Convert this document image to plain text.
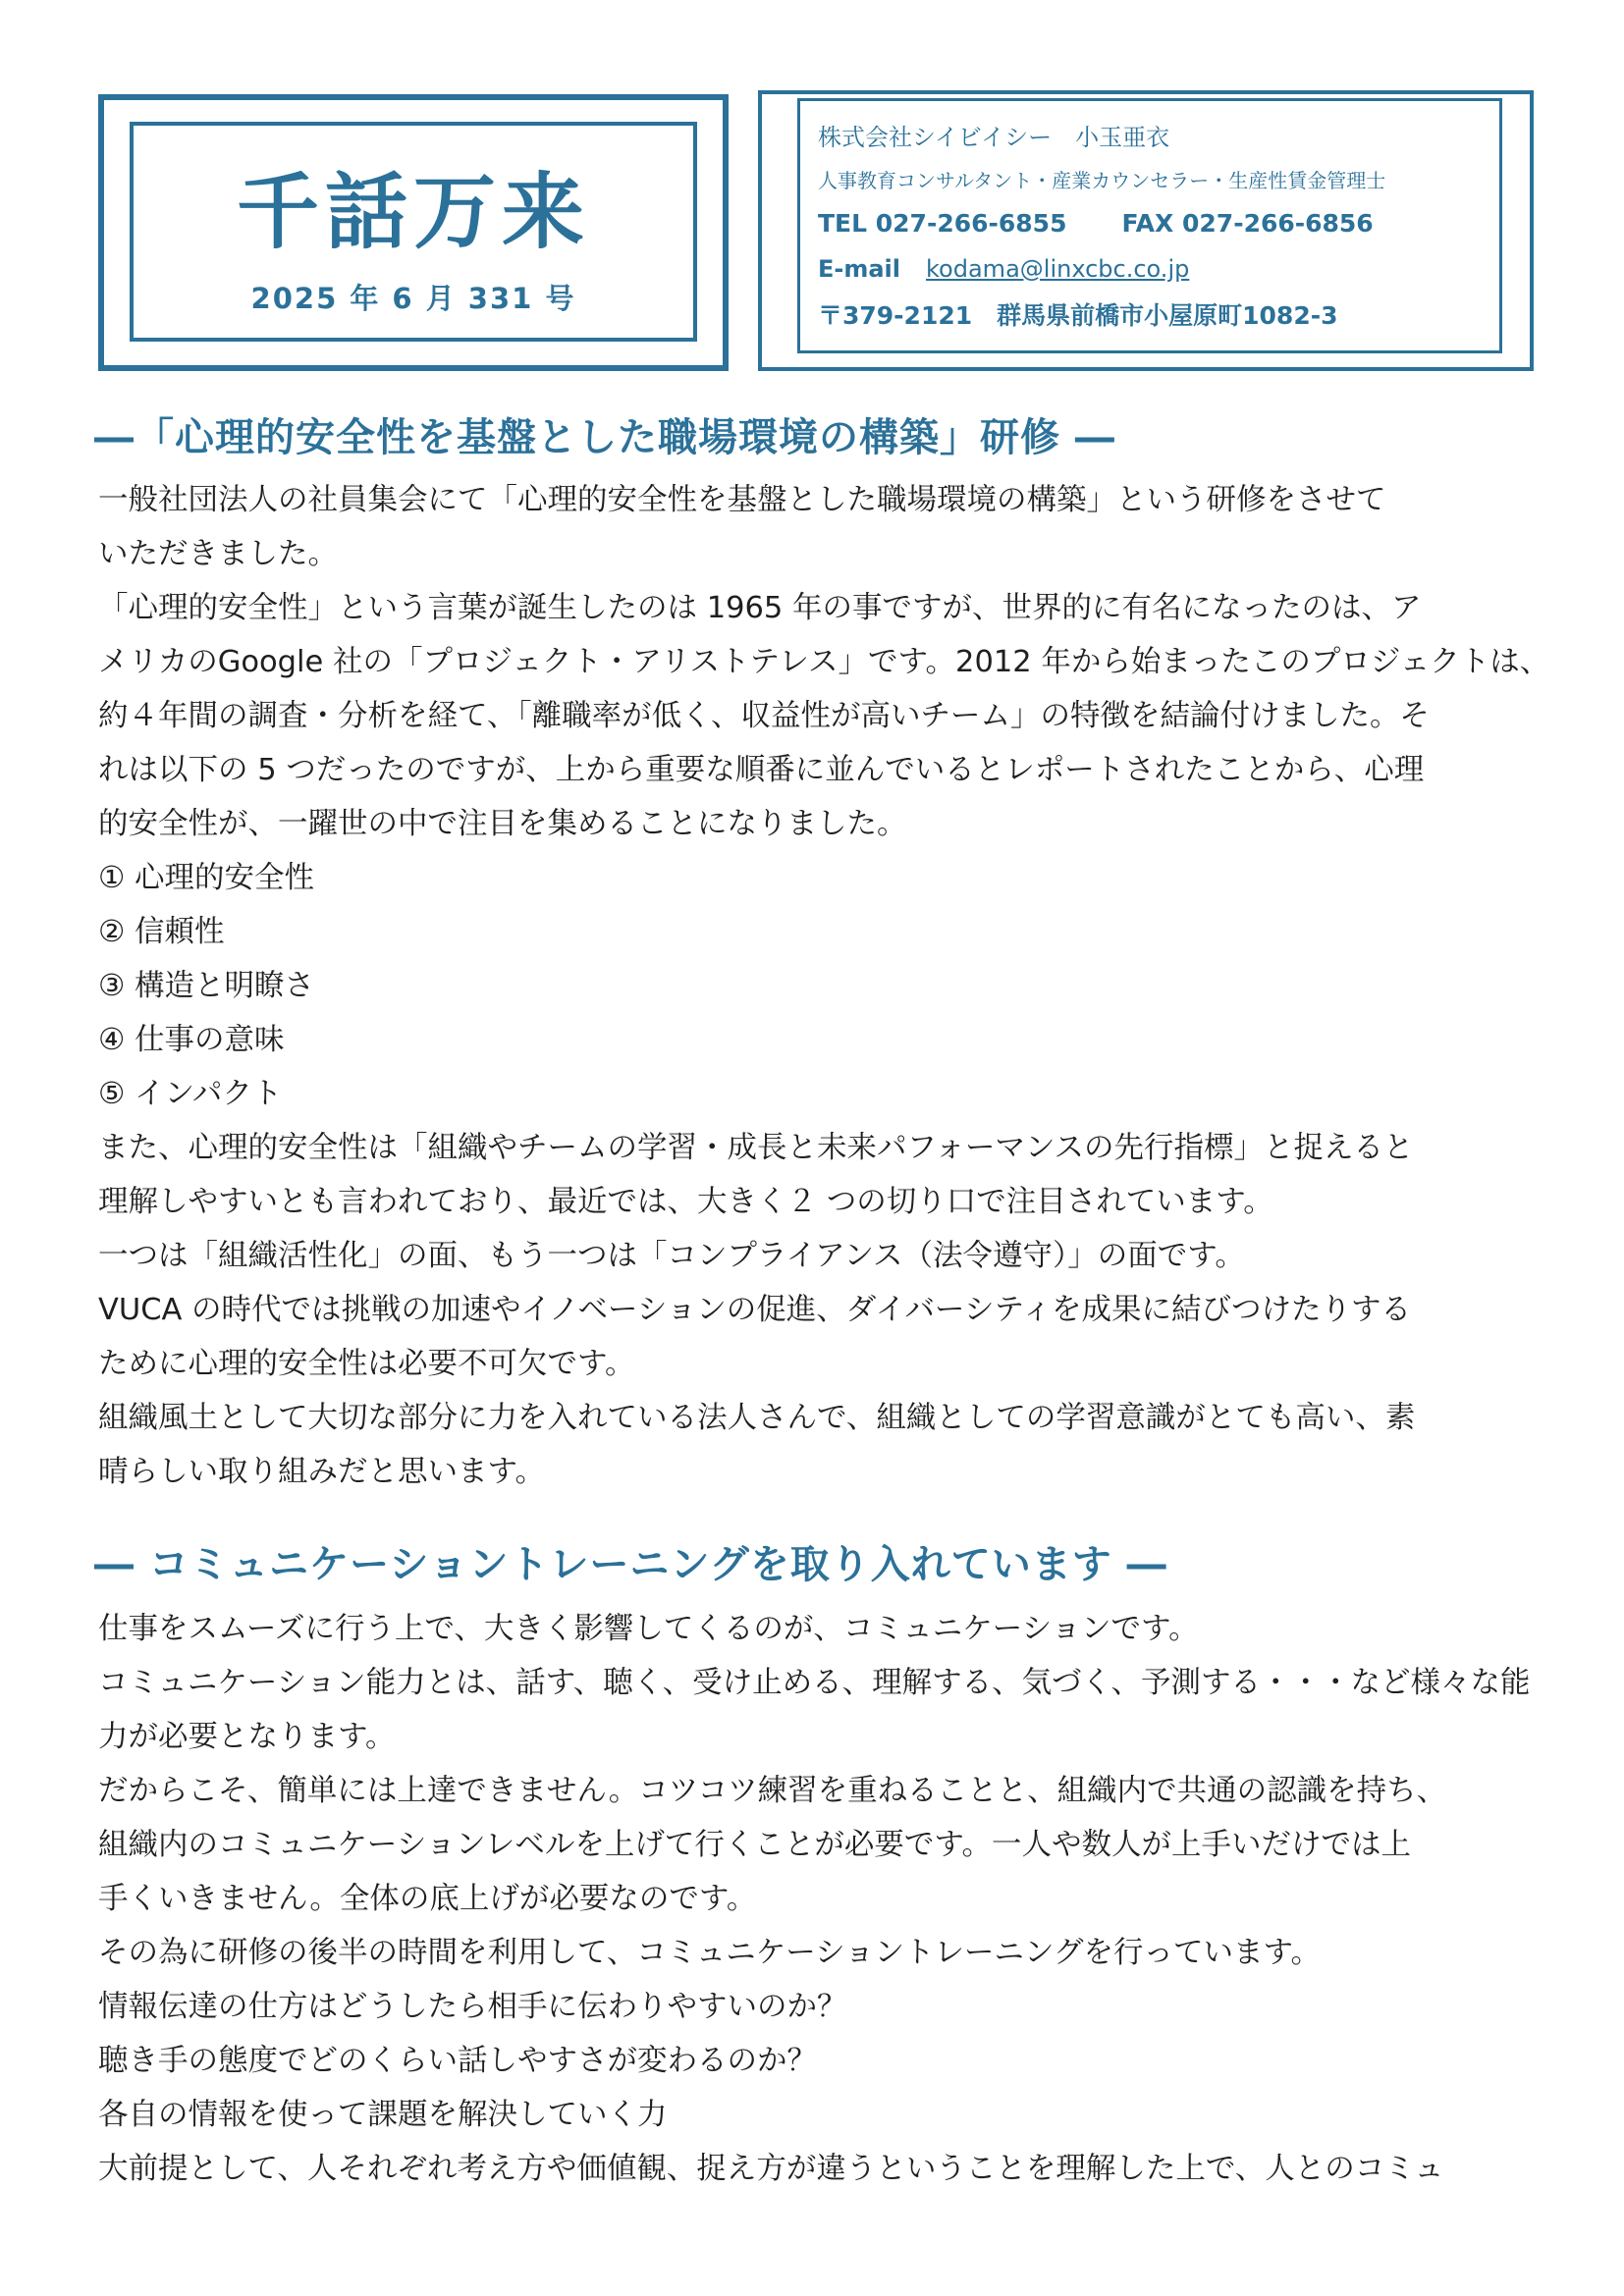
千話万来
2025 年 6 月 331 号
株式会社シイビイシー　小玉亜衣
人事教育コンサルタント・産業カウンセラー・生産性賃金管理士
TEL 027-266-6855 FAX 027-266-6856
E-mail kodama@linxcbc.co.jp
〒379-2121　群馬県前橋市小屋原町1082-3
―「心理的安全性を基盤とした職場環境の構築」研修 ―
一般社団法人の社員集会にて「心理的安全性を基盤とした職場環境の構築」という研修をさせて
いただきました。
「心理的安全性」という言葉が誕生したのは 1965 年の事ですが、世界的に有名になったのは、ア
メリカのGoogle 社の「プロジェクト・アリストテレス」です。2012 年から始まったこのプロジェクトは、
約４年間の調査・分析を経て、「離職率が低く、収益性が高いチーム」の特徴を結論付けました。そ
れは以下の 5 つだったのですが、上から重要な順番に並んでいるとレポートされたことから、心理
的安全性が、一躍世の中で注目を集めることになりました。
① 心理的安全性
② 信頼性
③ 構造と明瞭さ
④ 仕事の意味
⑤ インパクト
また、心理的安全性は「組織やチームの学習・成長と未来パフォーマンスの先行指標」と捉えると
理解しやすいとも言われており、最近では、大きく２ つの切り口で注目されています。
一つは「組織活性化」の面、もう一つは「コンプライアンス（法令遵守）」の面です。
VUCA の時代では挑戦の加速やイノベーションの促進、ダイバーシティを成果に結びつけたりする
ために心理的安全性は必要不可欠です。
組織風土として大切な部分に力を入れている法人さんで、組織としての学習意識がとても高い、素
晴らしい取り組みだと思います。
― コミュニケーショントレーニングを取り入れています ―
仕事をスムーズに行う上で、大きく影響してくるのが、コミュニケーションです。
コミュニケーション能力とは、話す、聴く、受け止める、理解する、気づく、予測する・・・など様々な能
力が必要となります。
だからこそ、簡単には上達できません。コツコツ練習を重ねることと、組織内で共通の認識を持ち、
組織内のコミュニケーションレベルを上げて行くことが必要です。一人や数人が上手いだけでは上
手くいきません。全体の底上げが必要なのです。
その為に研修の後半の時間を利用して、コミュニケーショントレーニングを行っています。
情報伝達の仕方はどうしたら相手に伝わりやすいのか？
聴き手の態度でどのくらい話しやすさが変わるのか？
各自の情報を使って課題を解決していく力
大前提として、人それぞれ考え方や価値観、捉え方が違うということを理解した上で、人とのコミュ
